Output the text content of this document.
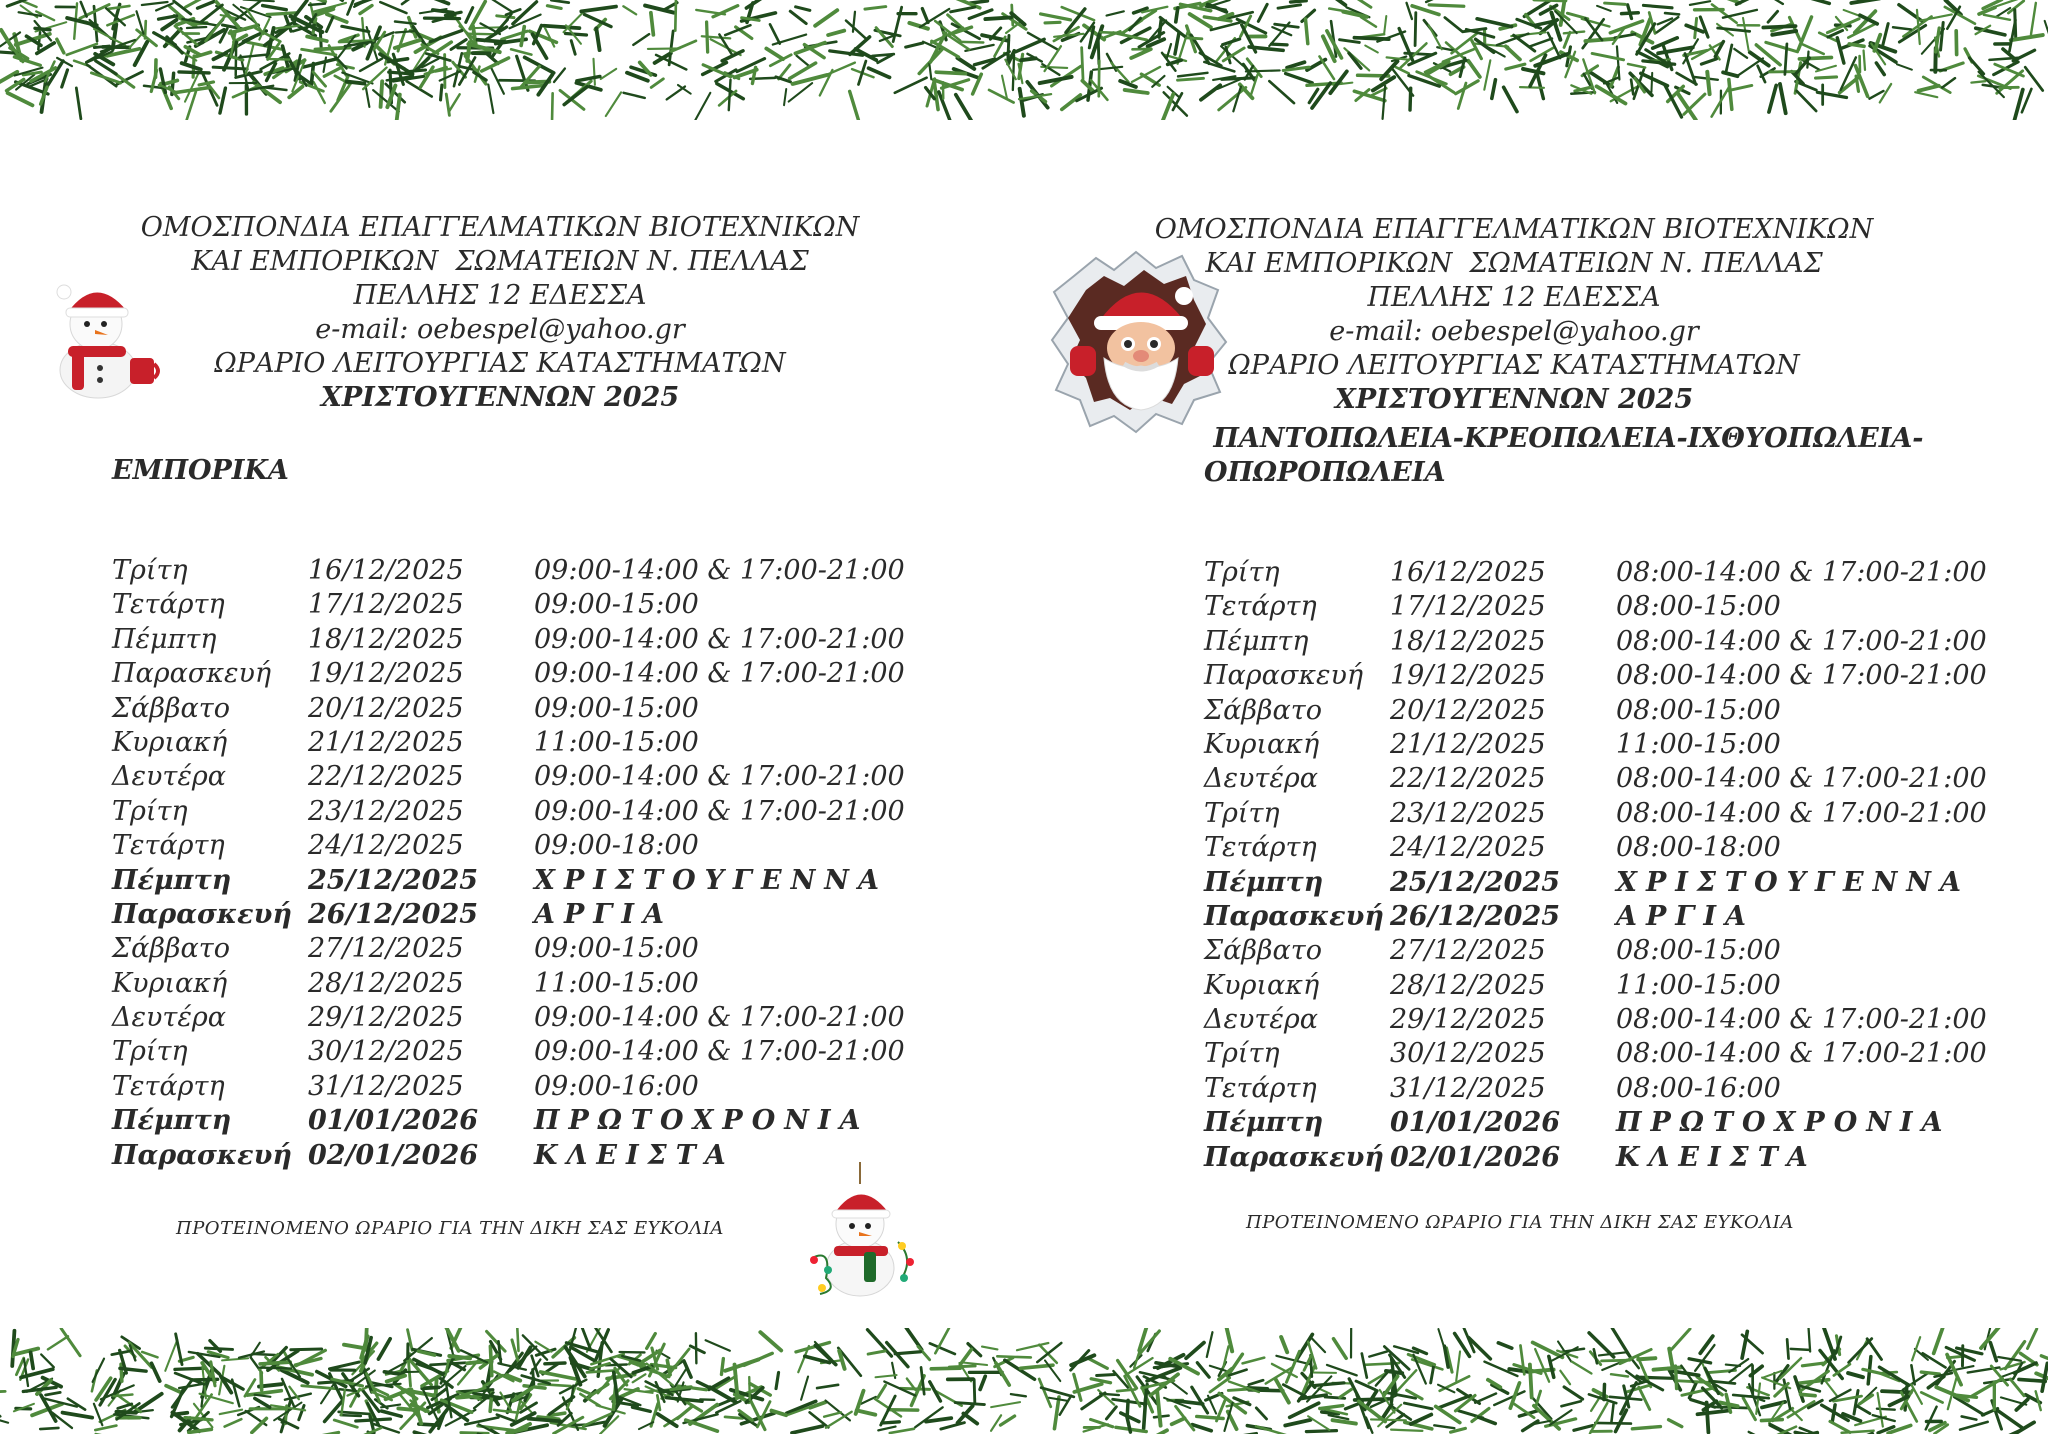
ΟΜΟΣΠΟΝΔΙΑ ΕΠΑΓΓΕΛΜΑΤΙΚΩΝ ΒΙΟΤΕΧΝΙΚΩΝ
ΚΑΙ ΕΜΠΟΡΙΚΩΝ  ΣΩΜΑΤΕΙΩΝ Ν. ΠΕΛΛΑΣ
ΠΕΛΛΗΣ 12 ΕΔΕΣΣΑ
e-mail: oebespel@yahoo.gr
ΩΡΑΡΙΟ ΛΕΙΤΟΥΡΓΙΑΣ ΚΑΤΑΣΤΗΜΑΤΩΝ
ΧΡΙΣΤΟΥΓΕΝΝΩΝ 2025
ΕΜΠΟΡΙΚΑ
Τρίτη	16/12/2025	09:00-14:00 & 17:00-21:00
Τετάρτη	17/12/2025	09:00-15:00
Πέμπτη	18/12/2025	09:00-14:00 & 17:00-21:00
Παρασκευή 19/12/2025	09:00-14:00 & 17:00-21:00
Σάββατο	20/12/2025	09:00-15:00
Κυριακή	21/12/2025	11:00-15:00
Δευτέρα	22/12/2025	09:00-14:00 & 17:00-21:00
Τρίτη	23/12/2025	09:00-14:00 & 17:00-21:00
Τετάρτη	24/12/2025	09:00-18:00
Πέμπτη	25/12/2025 ΧΡΙΣΤΟΥΓΕΝΝΑ
Παρασκευή 26/12/2025 ΑΡΓΙΑ
Σάββατο	27/12/2025	09:00-15:00
Κυριακή	28/12/2025	11:00-15:00
Δευτέρα	29/12/2025	09:00-14:00 & 17:00-21:00
Τρίτη	30/12/2025	09:00-14:00 & 17:00-21:00
Τετάρτη	31/12/2025	09:00-16:00
Πέμπτη	01/01/2026 ΠΡΩΤΟΧΡΟΝΙΑ
Παρασκευή 02/01/2026 ΚΛΕΙΣΤΑ
ΠΡΟΤΕΙΝΟΜΕΝΟ ΩΡΑΡΙΟ ΓΙΑ ΤΗΝ ΔΙΚΗ ΣΑΣ ΕΥΚΟΛΙΑ
ΟΜΟΣΠΟΝΔΙΑ ΕΠΑΓΓΕΛΜΑΤΙΚΩΝ ΒΙΟΤΕΧΝΙΚΩΝ
ΚΑΙ ΕΜΠΟΡΙΚΩΝ  ΣΩΜΑΤΕΙΩΝ Ν. ΠΕΛΛΑΣ
ΠΕΛΛΗΣ 12 ΕΔΕΣΣΑ
e-mail: oebespel@yahoo.gr
ΩΡΑΡΙΟ ΛΕΙΤΟΥΡΓΙΑΣ ΚΑΤΑΣΤΗΜΑΤΩΝ
ΧΡΙΣΤΟΥΓΕΝΝΩΝ 2025
ΠΑΝΤΟΠΩΛΕΙΑ-ΚΡΕΟΠΩΛΕΙΑ-ΙΧΘΥΟΠΩΛΕΙΑ-
ΟΠΩΡΟΠΩΛΕΙΑ
Τρίτη	16/12/2025	08:00-14:00 & 17:00-21:00
Τετάρτη	17/12/2025	08:00-15:00
Πέμπτη	18/12/2025	08:00-14:00 & 17:00-21:00
Παρασκευή 19/12/2025	08:00-14:00 & 17:00-21:00
Σάββατο	20/12/2025	08:00-15:00
Κυριακή	21/12/2025	11:00-15:00
Δευτέρα	22/12/2025	08:00-14:00 & 17:00-21:00
Τρίτη	23/12/2025	08:00-14:00 & 17:00-21:00
Τετάρτη	24/12/2025	08:00-18:00
Πέμπτη 25/12/2025 ΧΡΙΣΤΟΥΓΕΝΝΑ
Παρασκευή 26/12/2025 ΑΡΓΙΑ
Σάββατο	27/12/2025	08:00-15:00
Κυριακή	28/12/2025	11:00-15:00
Δευτέρα	29/12/2025	08:00-14:00 & 17:00-21:00
Τρίτη	30/12/2025	08:00-14:00 & 17:00-21:00
Τετάρτη	31/12/2025	08:00-16:00
Πέμπτη 01/01/2026 ΠΡΩΤΟΧΡΟΝΙΑ
Παρασκευή 02/01/2026 ΚΛΕΙΣΤΑ
ΠΡΟΤΕΙΝΟΜΕΝΟ ΩΡΑΡΙΟ ΓΙΑ ΤΗΝ ΔΙΚΗ ΣΑΣ ΕΥΚΟΛΙΑ
